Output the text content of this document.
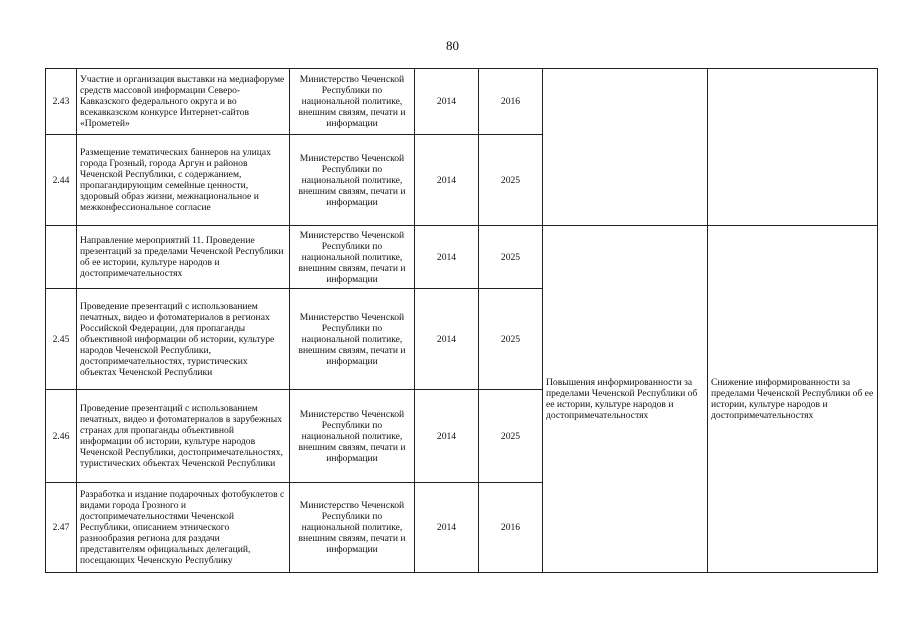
80
2.43	Участие и организация выставки на медиафоруме средств массовой информации Северо-Кавказского федерального округа и во всекавказском конкурсе Интернет-сайтов «Прометей»	Министерство Чеченской Республики по национальной политике, внешним связям, печати и информации	2014	2016		
2.44	Размещение тематических баннеров на улицах города Грозный, города Аргун и районов Чеченской Республики, с содержанием, пропагандирующим семейные ценности, здоровый образ жизни, межнациональное и межконфессиональное согласие	Министерство Чеченской Республики по национальной политике, внешним связям, печати и информации	2014	2025		
	Направление мероприятий 11. Проведение презентаций за пределами Чеченской Республики об ее истории, культуре народов и достопримечательностях	Министерство Чеченской Республики по национальной политике, внешним связям, печати и информации	2014	2025	Повышения информированности за пределами Чеченской Республики об ее истории, культуре народов и достопримечательностях	Снижение информированности за пределами Чеченской Республики об ее истории, культуре народов и достопримечательностях
2.45	Проведение презентаций с использованием печатных, видео и фотоматериалов в регионах Российской Федерации, для пропаганды объективной информации об истории, культуре народов Чеченской Республики, достопримечательностях, туристических объектах Чеченской Республики	Министерство Чеченской Республики по национальной политике, внешним связям, печати и информации	2014	2025		
2.46	Проведение презентаций с использованием печатных, видео и фотоматериалов в зарубежных странах для пропаганды объективной информации об истории, культуре народов Чеченской Республики, достопримечательностях, туристических объектах Чеченской Республики	Министерство Чеченской Республики по национальной политике, внешним связям, печати и информации	2014	2025		
2.47	Разработка и издание подарочных фотобуклетов с видами города Грозного и достопримечательностями Чеченской Республики, описанием этнического разнообразия региона для раздачи представителям официальных делегаций, посещающих Чеченскую Республику	Министерство Чеченской Республики по национальной политике, внешним связям, печати и информации	2014	2016		
